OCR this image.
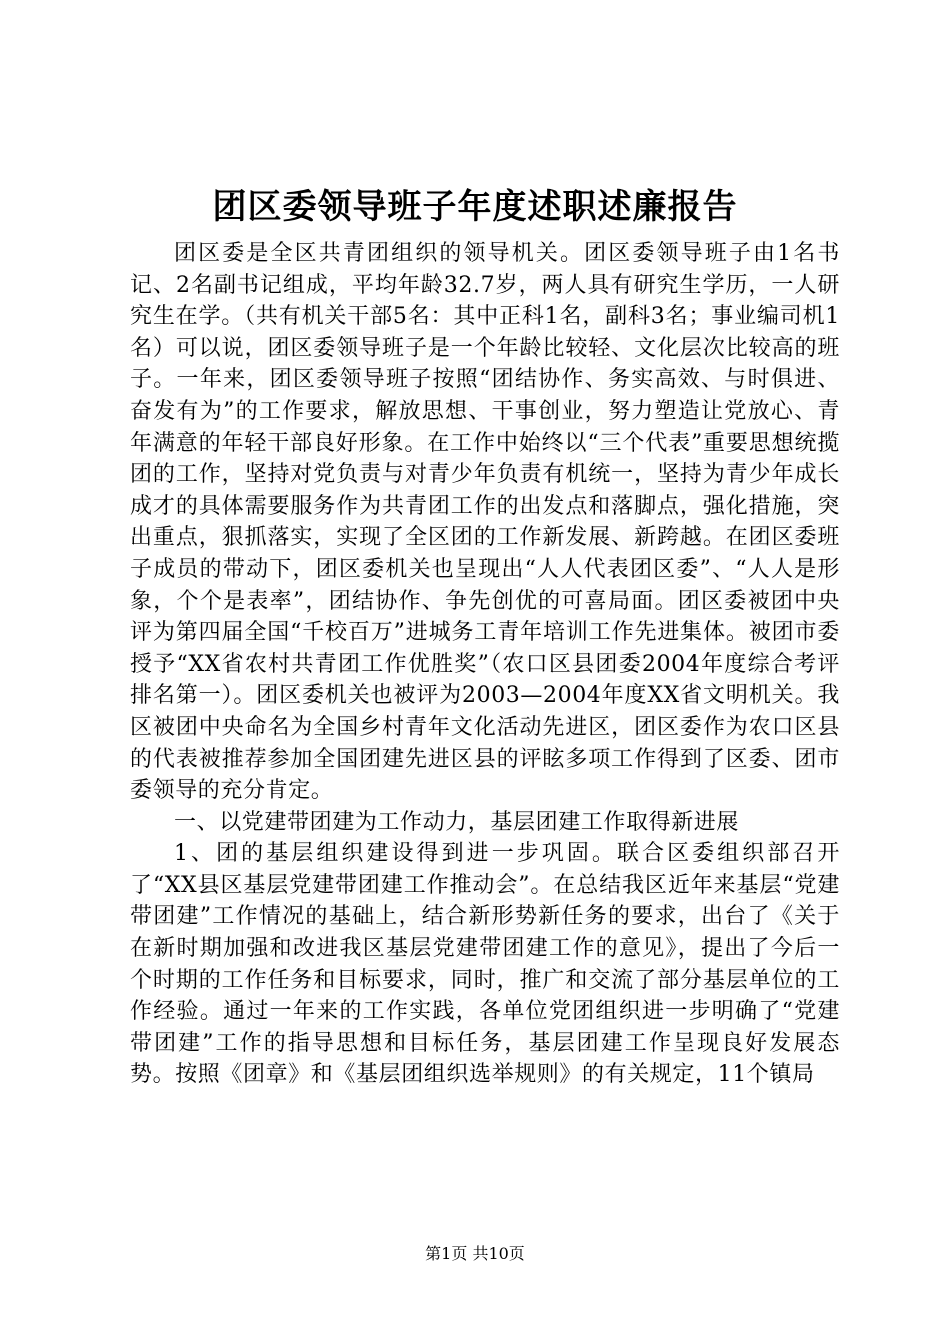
团区委领导班子年度述职述廉报告

团区委是全区共青团组织的领导机关。团区委领导班子由1名书记、2名副书记组成，平均年龄32.7岁，两人具有研究生学历，一人研究生在学。（共有机关干部5名：其中正科1名，副科3名；事业编司机1名）可以说，团区委领导班子是一个年龄比较轻、文化层次比较高的班子。一年来，团区委领导班子按照“团结协作、务实高效、与时俱进、奋发有为”的工作要求，解放思想、干事创业，努力塑造让党放心、青年满意的年轻干部良好形象。在工作中始终以“三个代表”重要思想统揽团的工作，坚持对党负责与对青少年负责有机统一，坚持为青少年成长成才的具体需要服务作为共青团工作的出发点和落脚点，强化措施，突出重点，狠抓落实，实现了全区团的工作新发展、新跨越。在团区委班子成员的带动下，团区委机关也呈现出“人人代表团区委”、“人人是形象，个个是表率”，团结协作、争先创优的可喜局面。团区委被团中央评为第四届全国“千校百万”进城务工青年培训工作先进集体。被团市委授予“XX省农村共青团工作优胜奖”（农口区县团委2004年度综合考评排名第一）。团区委机关也被评为2003—2004年度XX省文明机关。我区被团中央命名为全国乡村青年文化活动先进区，团区委作为农口区县的代表被推荐参加全国团建先进区县的评眩多项工作得到了区委、团市委领导的充分肯定。

一、以党建带团建为工作动力，基层团建工作取得新进展

1、团的基层组织建设得到进一步巩固。联合区委组织部召开了“XX县区基层党建带团建工作推动会”。在总结我区近年来基层“党建带团建”工作情况的基础上，结合新形势新任务的要求，出台了《关于在新时期加强和改进我区基层党建带团建工作的意见》，提出了今后一个时期的工作任务和目标要求，同时，推广和交流了部分基层单位的工作经验。通过一年来的工作实践，各单位党团组织进一步明确了“党建带团建”工作的指导思想和目标任务，基层团建工作呈现良好发展态势。按照《团章》和《基层团组织选举规则》的有关规定，11个镇局

第1页 共10页
